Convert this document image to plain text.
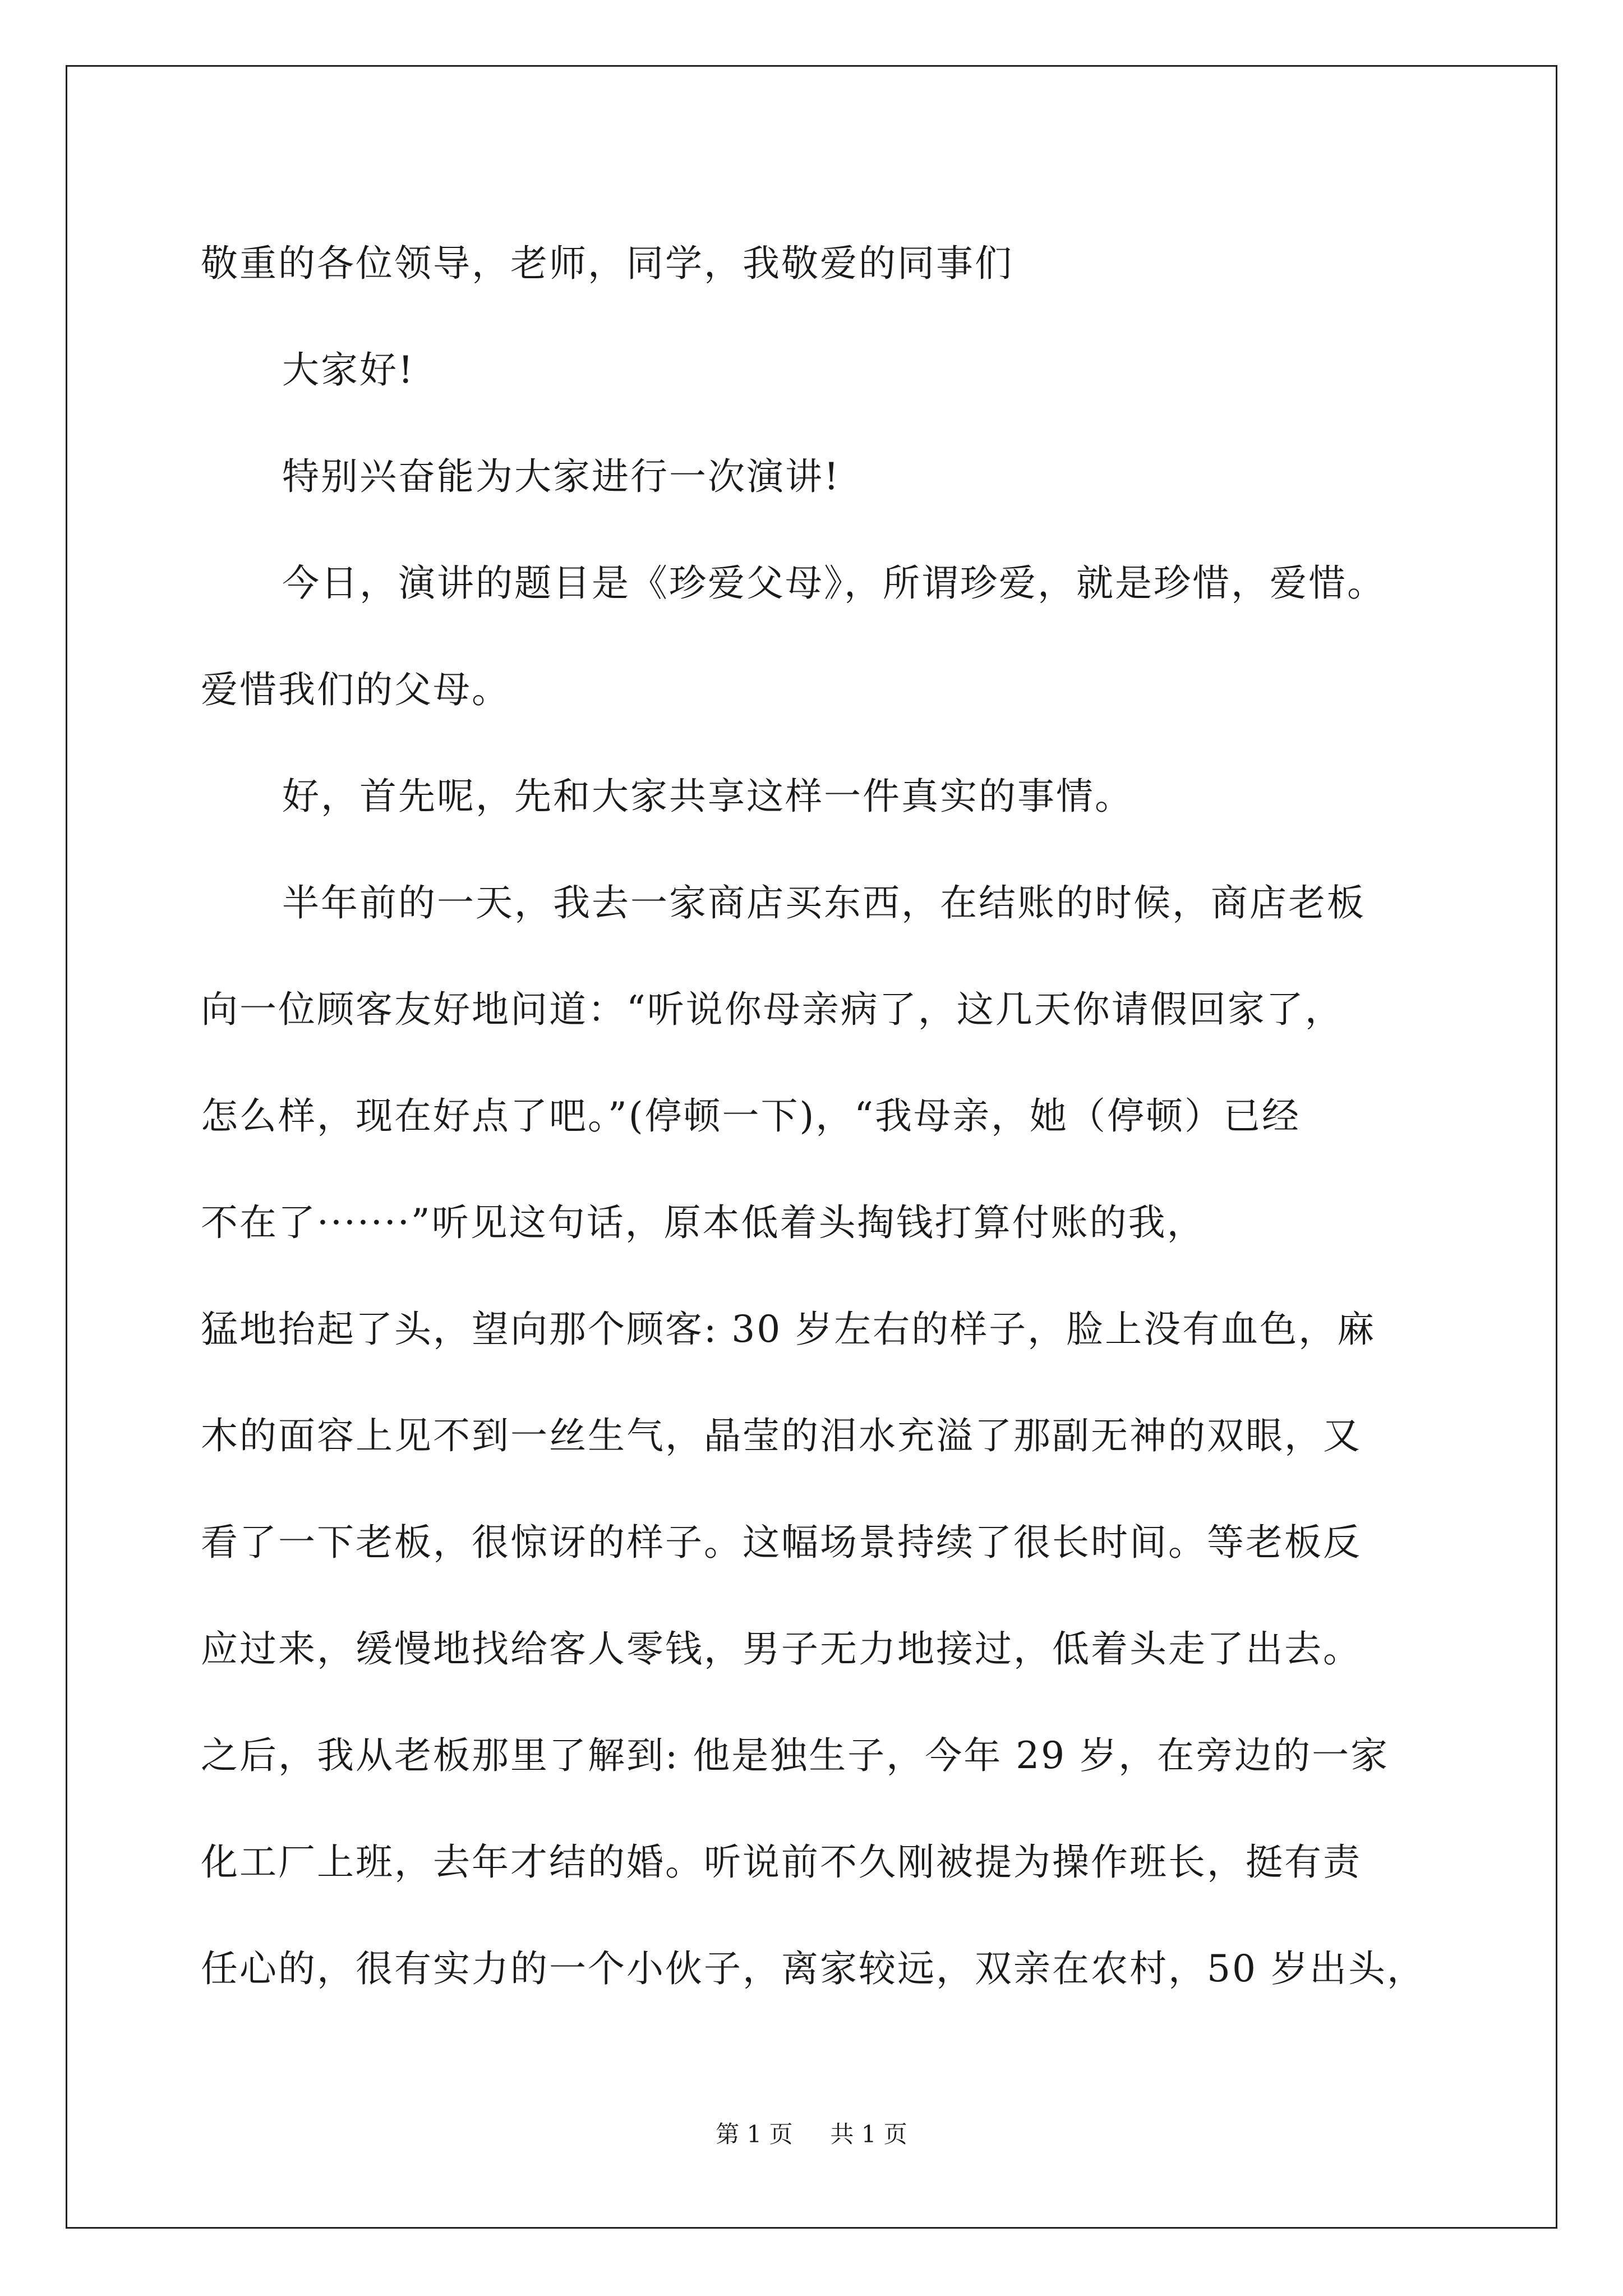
敬重的各位领导，老师，同学，我敬爱的同事们
大家好!
特别兴奋能为大家进行一次演讲!
今日，演讲的题目是《珍爱父母》，所谓珍爱，就是珍惜，爱惜。
爱惜我们的父母。
好，首先呢，先和大家共享这样一件真实的事情。
半年前的一天，我去一家商店买东西，在结账的时候，商店老板
向一位顾客友好地问道：“听说你母亲病了，这几天你请假回家了，
怎么样，现在好点了吧。”(停顿一下)，“我母亲，她（停顿）已经
不在了·······”听见这句话，原本低着头掏钱打算付账的我，
猛地抬起了头，望向那个顾客: 30 岁左右的样子，脸上没有血色，麻
木的面容上见不到一丝生气，晶莹的泪水充溢了那副无神的双眼，又
看了一下老板，很惊讶的样子。这幅场景持续了很长时间。等老板反
应过来，缓慢地找给客人零钱，男子无力地接过，低着头走了出去。
之后，我从老板那里了解到: 他是独生子，今年 29 岁，在旁边的一家
化工厂上班，去年才结的婚。听说前不久刚被提为操作班长，挺有责
任心的，很有实力的一个小伙子，离家较远，双亲在农村，50 岁出头，
第 1 页 共 1 页
